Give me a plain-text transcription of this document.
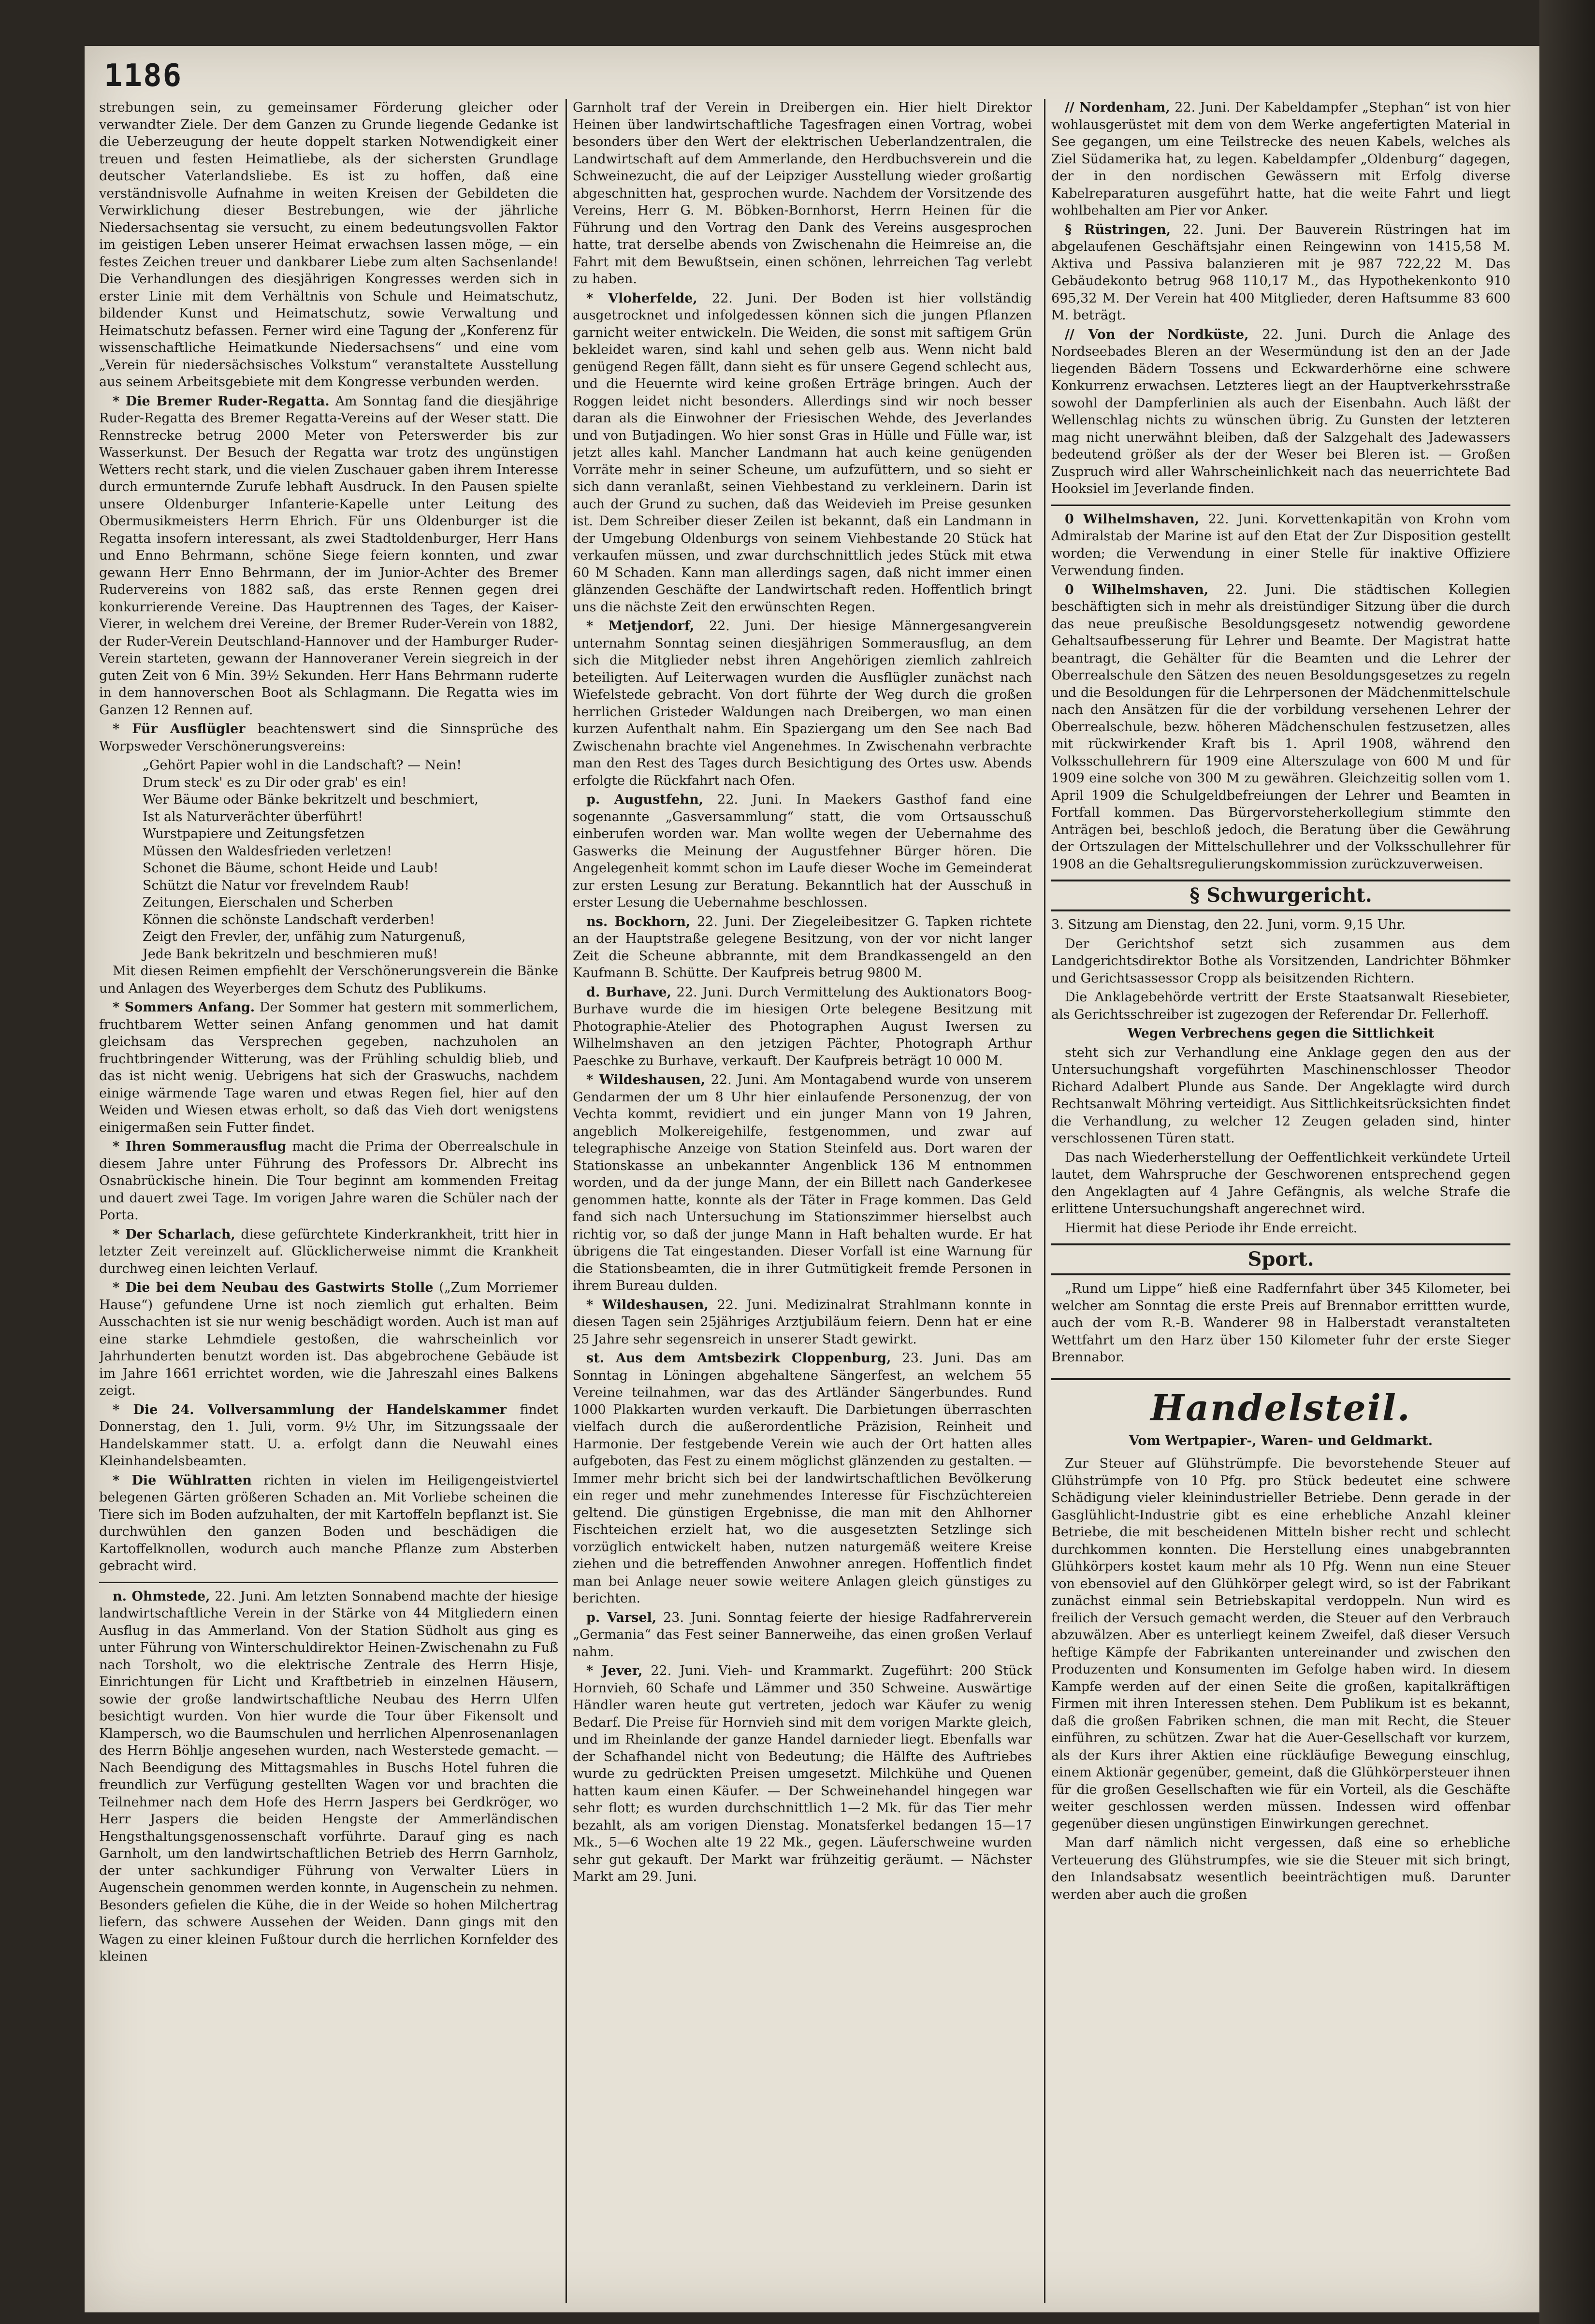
1186

strebungen sein, zu gemeinsamer Förderung gleicher oder verwandter Ziele. Der dem Ganzen zu Grunde liegende Gedanke ist die Ueberzeugung der heute doppelt starken Notwendigkeit einer treuen und festen Heimatliebe, als der sichersten Grundlage deutscher Vaterlandsliebe. Es ist zu hoffen, daß eine verständnisvolle Aufnahme in weiten Kreisen der Gebildeten die Verwirklichung dieser Bestrebungen, wie der jährliche Niedersachsentag sie versucht, zu einem bedeutungsvollen Faktor im geistigen Leben unserer Heimat erwachsen lassen möge, — ein festes Zeichen treuer und dankbarer Liebe zum alten Sachsenlande! Die Verhandlungen des diesjährigen Kongresses werden sich in erster Linie mit dem Verhältnis von Schule und Heimatschutz, bildender Kunst und Heimatschutz, sowie Verwaltung und Heimatschutz befassen. Ferner wird eine Tagung der „Konferenz für wissenschaftliche Heimatkunde Niedersachsens“ und eine vom „Verein für niedersächsisches Volkstum“ veranstaltete Ausstellung aus seinem Arbeitsgebiete mit dem Kongresse verbunden werden.

* Die Bremer Ruder-Regatta. Am Sonntag fand die diesjährige Ruder-Regatta des Bremer Regatta-Vereins auf der Weser statt. Die Rennstrecke betrug 2000 Meter von Peterswerder bis zur Wasserkunst. Der Besuch der Regatta war trotz des ungünstigen Wetters recht stark, und die vielen Zuschauer gaben ihrem Interesse durch ermunternde Zurufe lebhaft Ausdruck. In den Pausen spielte unsere Oldenburger Infanterie-Kapelle unter Leitung des Obermusikmeisters Herrn Ehrich. Für uns Oldenburger ist die Regatta insofern interessant, als zwei Stadtoldenburger, Herr Hans und Enno Behrmann, schöne Siege feiern konnten, und zwar gewann Herr Enno Behrmann, der im Junior-Achter des Bremer Rudervereins von 1882 saß, das erste Rennen gegen drei konkurrierende Vereine. Das Hauptrennen des Tages, der Kaiser-Vierer, in welchem drei Vereine, der Bremer Ruder-Verein von 1882, der Ruder-Verein Deutschland-Hannover und der Hamburger Ruder-Verein starteten, gewann der Hannoveraner Verein siegreich in der guten Zeit von 6 Min. 39½ Sekunden. Herr Hans Behrmann ruderte in dem hannoverschen Boot als Schlagmann. Die Regatta wies im Ganzen 12 Rennen auf.

* Für Ausflügler beachtenswert sind die Sinnsprüche des Worpsweder Verschönerungsvereins:

„Gehört Papier wohl in die Landschaft? — Nein!
Drum steck' es zu Dir oder grab' es ein!
Wer Bäume oder Bänke bekritzelt und beschmiert,
Ist als Naturverächter überführt!
Wurstpapiere und Zeitungsfetzen
Müssen den Waldesfrieden verletzen!
Schonet die Bäume, schont Heide und Laub!
Schützt die Natur vor frevelndem Raub!
Zeitungen, Eierschalen und Scherben
Können die schönste Landschaft verderben!
Zeigt den Frevler, der, unfähig zum Naturgenuß,
Jede Bank bekritzeln und beschmieren muß!

Mit diesen Reimen empfiehlt der Verschönerungsverein die Bänke und Anlagen des Weyerberges dem Schutz des Publikums.

* Sommers Anfang. Der Sommer hat gestern mit sommerlichem, fruchtbarem Wetter seinen Anfang genommen und hat damit gleichsam das Versprechen gegeben, nachzuholen an fruchtbringender Witterung, was der Frühling schuldig blieb, und das ist nicht wenig. Uebrigens hat sich der Graswuchs, nachdem einige wärmende Tage waren und etwas Regen fiel, hier auf den Weiden und Wiesen etwas erholt, so daß das Vieh dort wenigstens einigermaßen sein Futter findet.

* Ihren Sommerausflug macht die Prima der Oberrealschule in diesem Jahre unter Führung des Professors Dr. Albrecht ins Osnabrückische hinein. Die Tour beginnt am kommenden Freitag und dauert zwei Tage. Im vorigen Jahre waren die Schüler nach der Porta.

* Der Scharlach, diese gefürchtete Kinderkrankheit, tritt hier in letzter Zeit vereinzelt auf. Glücklicherweise nimmt die Krankheit durchweg einen leichten Verlauf.

* Die bei dem Neubau des Gastwirts Stolle („Zum Morriemer Hause“) gefundene Urne ist noch ziemlich gut erhalten. Beim Ausschachten ist sie nur wenig beschädigt worden. Auch ist man auf eine starke Lehmdiele gestoßen, die wahrscheinlich vor Jahrhunderten benutzt worden ist. Das abgebrochene Gebäude ist im Jahre 1661 errichtet worden, wie die Jahreszahl eines Balkens zeigt.

* Die 24. Vollversammlung der Handelskammer findet Donnerstag, den 1. Juli, vorm. 9½ Uhr, im Sitzungssaale der Handelskammer statt. U. a. erfolgt dann die Neuwahl eines Kleinhandelsbeamten.

* Die Wühlratten richten in vielen im Heiligengeistviertel belegenen Gärten größeren Schaden an. Mit Vorliebe scheinen die Tiere sich im Boden aufzuhalten, der mit Kartoffeln bepflanzt ist. Sie durchwühlen den ganzen Boden und beschädigen die Kartoffelknollen, wodurch auch manche Pflanze zum Absterben gebracht wird.

n. Ohmstede, 22. Juni. Am letzten Sonnabend machte der hiesige landwirtschaftliche Verein in der Stärke von 44 Mitgliedern einen Ausflug in das Ammerland. Von der Station Südholt aus ging es unter Führung von Winterschuldirektor Heinen-Zwischenahn zu Fuß nach Torsholt, wo die elektrische Zentrale des Herrn Hisje, Einrichtungen für Licht und Kraftbetrieb in einzelnen Häusern, sowie der große landwirtschaftliche Neubau des Herrn Ulfen besichtigt wurden. Von hier wurde die Tour über Fikensolt und Klampersch, wo die Baumschulen und herrlichen Alpenrosenanlagen des Herrn Böhlje angesehen wurden, nach Westerstede gemacht. — Nach Beendigung des Mittagsmahles in Buschs Hotel fuhren die freundlich zur Verfügung gestellten Wagen vor und brachten die Teilnehmer nach dem Hofe des Herrn Jaspers bei Gerdkröger, wo Herr Jaspers die beiden Hengste der Ammerländischen Hengsthaltungsgenossenschaft vorführte. Darauf ging es nach Garnholt, um den landwirtschaftlichen Betrieb des Herrn Garnholz, der unter sachkundiger Führung von Verwalter Lüers in Augenschein genommen werden konnte, in Augenschein zu nehmen. Besonders gefielen die Kühe, die in der Weide so hohen Milchertrag liefern, das schwere Aussehen der Weiden. Dann gings mit den Wagen zu einer kleinen Fußtour durch die herrlichen Kornfelder des kleinen

Garnholt traf der Verein in Dreibergen ein. Hier hielt Direktor Heinen über landwirtschaftliche Tagesfragen einen Vortrag, wobei besonders über den Wert der elektrischen Ueberlandzentralen, die Landwirtschaft auf dem Ammerlande, den Herdbuchsverein und die Schweinezucht, die auf der Leipziger Ausstellung wieder großartig abgeschnitten hat, gesprochen wurde. Nachdem der Vorsitzende des Vereins, Herr G. M. Böbken-Bornhorst, Herrn Heinen für die Führung und den Vortrag den Dank des Vereins ausgesprochen hatte, trat derselbe abends von Zwischenahn die Heimreise an, die Fahrt mit dem Bewußtsein, einen schönen, lehrreichen Tag verlebt zu haben.

* Vloherfelde, 22. Juni. Der Boden ist hier vollständig ausgetrocknet und infolgedessen können sich die jungen Pflanzen garnicht weiter entwickeln. Die Weiden, die sonst mit saftigem Grün bekleidet waren, sind kahl und sehen gelb aus. Wenn nicht bald genügend Regen fällt, dann sieht es für unsere Gegend schlecht aus, und die Heuernte wird keine großen Erträge bringen. Auch der Roggen leidet nicht besonders. Allerdings sind wir noch besser daran als die Einwohner der Friesischen Wehde, des Jeverlandes und von Butjadingen. Wo hier sonst Gras in Hülle und Fülle war, ist jetzt alles kahl. Mancher Landmann hat auch keine genügenden Vorräte mehr in seiner Scheune, um aufzufüttern, und so sieht er sich dann veranlaßt, seinen Viehbestand zu verkleinern. Darin ist auch der Grund zu suchen, daß das Weidevieh im Preise gesunken ist. Dem Schreiber dieser Zeilen ist bekannt, daß ein Landmann in der Umgebung Oldenburgs von seinem Viehbestande 20 Stück hat verkaufen müssen, und zwar durchschnittlich jedes Stück mit etwa 60 M Schaden. Kann man allerdings sagen, daß nicht immer einen glänzenden Geschäfte der Landwirtschaft reden. Hoffentlich bringt uns die nächste Zeit den erwünschten Regen.

* Metjendorf, 22. Juni. Der hiesige Männergesangverein unternahm Sonntag seinen diesjährigen Sommerausflug, an dem sich die Mitglieder nebst ihren Angehörigen ziemlich zahlreich beteiligten. Auf Leiterwagen wurden die Ausflügler zunächst nach Wiefelstede gebracht. Von dort führte der Weg durch die großen herrlichen Gristeder Waldungen nach Dreibergen, wo man einen kurzen Aufenthalt nahm. Ein Spaziergang um den See nach Bad Zwischenahn brachte viel Angenehmes. In Zwischenahn verbrachte man den Rest des Tages durch Besichtigung des Ortes usw. Abends erfolgte die Rückfahrt nach Ofen.

p. Augustfehn, 22. Juni. In Maekers Gasthof fand eine sogenannte „Gasversammlung“ statt, die vom Ortsausschuß einberufen worden war. Man wollte wegen der Uebernahme des Gaswerks die Meinung der Augustfehner Bürger hören. Die Angelegenheit kommt schon im Laufe dieser Woche im Gemeinderat zur ersten Lesung zur Beratung. Bekanntlich hat der Ausschuß in erster Lesung die Uebernahme beschlossen.

ns. Bockhorn, 22. Juni. Der Ziegeleibesitzer G. Tapken richtete an der Hauptstraße gelegene Besitzung, von der vor nicht langer Zeit die Scheune abbrannte, mit dem Brandkassengeld an den Kaufmann B. Schütte. Der Kaufpreis betrug 9800 M.

d. Burhave, 22. Juni. Durch Vermittelung des Auktionators Boog-Burhave wurde die im hiesigen Orte belegene Besitzung mit Photographie-Atelier des Photographen August Iwersen zu Wilhelmshaven an den jetzigen Pächter, Photograph Arthur Paeschke zu Burhave, verkauft. Der Kaufpreis beträgt 10 000 M.

* Wildeshausen, 22. Juni. Am Montagabend wurde von unserem Gendarmen der um 8 Uhr hier einlaufende Personenzug, der von Vechta kommt, revidiert und ein junger Mann von 19 Jahren, angeblich Molkereigehilfe, festgenommen, und zwar auf telegraphische Anzeige von Station Steinfeld aus. Dort waren der Stationskasse an unbekannter Angenblick 136 M entnommen worden, und da der junge Mann, der ein Billett nach Ganderkesee genommen hatte, konnte als der Täter in Frage kommen. Das Geld fand sich nach Untersuchung im Stationszimmer hierselbst auch richtig vor, so daß der junge Mann in Haft behalten wurde. Er hat übrigens die Tat eingestanden. Dieser Vorfall ist eine Warnung für die Stationsbeamten, die in ihrer Gutmütigkeit fremde Personen in ihrem Bureau dulden.

* Wildeshausen, 22. Juni. Medizinalrat Strahlmann konnte in diesen Tagen sein 25jähriges Arztjubiläum feiern. Denn hat er eine 25 Jahre sehr segensreich in unserer Stadt gewirkt.

st. Aus dem Amtsbezirk Cloppenburg, 23. Juni. Das am Sonntag in Löningen abgehaltene Sängerfest, an welchem 55 Vereine teilnahmen, war das des Artländer Sängerbundes. Rund 1000 Plakkarten wurden verkauft. Die Darbietungen überraschten vielfach durch die außerordentliche Präzision, Reinheit und Harmonie. Der festgebende Verein wie auch der Ort hatten alles aufgeboten, das Fest zu einem möglichst glänzenden zu gestalten. — Immer mehr bricht sich bei der landwirtschaftlichen Bevölkerung ein reger und mehr zunehmendes Interesse für Fischzüchtereien geltend. Die günstigen Ergebnisse, die man mit den Ahlhorner Fischteichen erzielt hat, wo die ausgesetzten Setzlinge sich vorzüglich entwickelt haben, nutzen naturgemäß weitere Kreise ziehen und die betreffenden Anwohner anregen. Hoffentlich findet man bei Anlage neuer sowie weitere Anlagen gleich günstiges zu berichten.

p. Varsel, 23. Juni. Sonntag feierte der hiesige Radfahrerverein „Germania“ das Fest seiner Bannerweihe, das einen großen Verlauf nahm.

* Jever, 22. Juni. Vieh- und Krammarkt. Zugeführt: 200 Stück Hornvieh, 60 Schafe und Lämmer und 350 Schweine. Auswärtige Händler waren heute gut vertreten, jedoch war Käufer zu wenig Bedarf. Die Preise für Hornvieh sind mit dem vorigen Markte gleich, und im Rheinlande der ganze Handel darnieder liegt. Ebenfalls war der Schafhandel nicht von Bedeutung; die Hälfte des Auftriebes wurde zu gedrückten Preisen umgesetzt. Milchkühe und Quenen hatten kaum einen Käufer. — Der Schweinehandel hingegen war sehr flott; es wurden durchschnittlich 1—2 Mk. für das Tier mehr bezahlt, als am vorigen Dienstag. Monatsferkel bedangen 15—17 Mk., 5—6 Wochen alte 19 22 Mk., gegen. Läuferschweine wurden sehr gut gekauft. Der Markt war frühzeitig geräumt. — Nächster Markt am 29. Juni.

// Nordenham, 22. Juni. Der Kabeldampfer „Stephan“ ist von hier wohlausgerüstet mit dem von dem Werke angefertigten Material in See gegangen, um eine Teilstrecke des neuen Kabels, welches als Ziel Südamerika hat, zu legen. Kabeldampfer „Oldenburg“ dagegen, der in den nordischen Gewässern mit Erfolg diverse Kabelreparaturen ausgeführt hatte, hat die weite Fahrt und liegt wohlbehalten am Pier vor Anker.

§ Rüstringen, 22. Juni. Der Bauverein Rüstringen hat im abgelaufenen Geschäftsjahr einen Reingewinn von 1415,58 M. Aktiva und Passiva balanzieren mit je 987 722,22 M. Das Gebäudekonto betrug 968 110,17 M., das Hypothekenkonto 910 695,32 M. Der Verein hat 400 Mitglieder, deren Haftsumme 83 600 M. beträgt.

// Von der Nordküste, 22. Juni. Durch die Anlage des Nordseebades Bleren an der Wesermündung ist den an der Jade liegenden Bädern Tossens und Eckwarderhörne eine schwere Konkurrenz erwachsen. Letzteres liegt an der Hauptverkehrsstraße sowohl der Dampferlinien als auch der Eisenbahn. Auch läßt der Wellenschlag nichts zu wünschen übrig. Zu Gunsten der letzteren mag nicht unerwähnt bleiben, daß der Salzgehalt des Jadewassers bedeutend größer als der der Weser bei Bleren ist. — Großen Zuspruch wird aller Wahrscheinlichkeit nach das neuerrichtete Bad Hooksiel im Jeverlande finden.

0 Wilhelmshaven, 22. Juni. Korvettenkapitän von Krohn vom Admiralstab der Marine ist auf den Etat der Zur Disposition gestellt worden; die Verwendung in einer Stelle für inaktive Offiziere Verwendung finden.

0 Wilhelmshaven, 22. Juni. Die städtischen Kollegien beschäftigten sich in mehr als dreistündiger Sitzung über die durch das neue preußische Besoldungsgesetz notwendig gewordene Gehaltsaufbesserung für Lehrer und Beamte. Der Magistrat hatte beantragt, die Gehälter für die Beamten und die Lehrer der Oberrealschule den Sätzen des neuen Besoldungsgesetzes zu regeln und die Besoldungen für die Lehrpersonen der Mädchenmittelschule nach den Ansätzen für die der vorbildung versehenen Lehrer der Oberrealschule, bezw. höheren Mädchenschulen festzusetzen, alles mit rückwirkender Kraft bis 1. April 1908, während den Volksschullehrern für 1909 eine Alterszulage von 600 M und für 1909 eine solche von 300 M zu gewähren. Gleichzeitig sollen vom 1. April 1909 die Schulgeldbefreiungen der Lehrer und Beamten in Fortfall kommen. Das Bürgervorsteherkollegium stimmte den Anträgen bei, beschloß jedoch, die Beratung über die Gewährung der Ortszulagen der Mittelschullehrer und der Volksschullehrer für 1908 an die Gehaltsregulierungskommission zurückzuverweisen.

§ Schwurgericht.

3. Sitzung am Dienstag, den 22. Juni, vorm. 9,15 Uhr.

Der Gerichtshof setzt sich zusammen aus dem Landgerichtsdirektor Bothe als Vorsitzenden, Landrichter Böhmker und Gerichtsassessor Cropp als beisitzenden Richtern.

Die Anklagebehörde vertritt der Erste Staatsanwalt Riesebieter, als Gerichtsschreiber ist zugezogen der Referendar Dr. Fellerhoff.

Wegen Verbrechens gegen die Sittlichkeit

steht sich zur Verhandlung eine Anklage gegen den aus der Untersuchungshaft vorgeführten Maschinenschlosser Theodor Richard Adalbert Plunde aus Sande. Der Angeklagte wird durch Rechtsanwalt Möhring verteidigt. Aus Sittlichkeitsrücksichten findet die Verhandlung, zu welcher 12 Zeugen geladen sind, hinter verschlossenen Türen statt.

Das nach Wiederherstellung der Oeffentlichkeit verkündete Urteil lautet, dem Wahrspruche der Geschworenen entsprechend gegen den Angeklagten auf 4 Jahre Gefängnis, als welche Strafe die erlittene Untersuchungshaft angerechnet wird.

Hiermit hat diese Periode ihr Ende erreicht.

Sport.

„Rund um Lippe“ hieß eine Radfernfahrt über 345 Kilometer, bei welcher am Sonntag die erste Preis auf Brennabor errittten wurde, auch der vom R.-B. Wanderer 98 in Halberstadt veranstalteten Wettfahrt um den Harz über 150 Kilometer fuhr der erste Sieger Brennabor.

Handelsteil.
Vom Wertpapier-, Waren- und Geldmarkt.

Zur Steuer auf Glühstrümpfe. Die bevorstehende Steuer auf Glühstrümpfe von 10 Pfg. pro Stück bedeutet eine schwere Schädigung vieler kleinindustrieller Betriebe. Denn gerade in der Gasglühlicht-Industrie gibt es eine erhebliche Anzahl kleiner Betriebe, die mit bescheidenen Mitteln bisher recht und schlecht durchkommen konnten. Die Herstellung eines unabgebrannten Glühkörpers kostet kaum mehr als 10 Pfg. Wenn nun eine Steuer von ebensoviel auf den Glühkörper gelegt wird, so ist der Fabrikant zunächst einmal sein Betriebskapital verdoppeln. Nun wird es freilich der Versuch gemacht werden, die Steuer auf den Verbrauch abzuwälzen. Aber es unterliegt keinem Zweifel, daß dieser Versuch heftige Kämpfe der Fabrikanten untereinander und zwischen den Produzenten und Konsumenten im Gefolge haben wird. In diesem Kampfe werden auf der einen Seite die großen, kapitalkräftigen Firmen mit ihren Interessen stehen. Dem Publikum ist es bekannt, daß die großen Fabriken schnen, die man mit Recht, die Steuer einführen, zu schützen. Zwar hat die Auer-Gesellschaft vor kurzem, als der Kurs ihrer Aktien eine rückläufige Bewegung einschlug, einem Aktionär gegenüber, gemeint, daß die Glühkörpersteuer ihnen für die großen Gesellschaften wie für ein Vorteil, als die Geschäfte weiter geschlossen werden müssen. Indessen wird offenbar gegenüber diesen ungünstigen Einwirkungen gerechnet.

Man darf nämlich nicht vergessen, daß eine so erhebliche Verteuerung des Glühstrumpfes, wie sie die Steuer mit sich bringt, den Inlandsabsatz wesentlich beeinträchtigen muß. Darunter werden aber auch die großen
